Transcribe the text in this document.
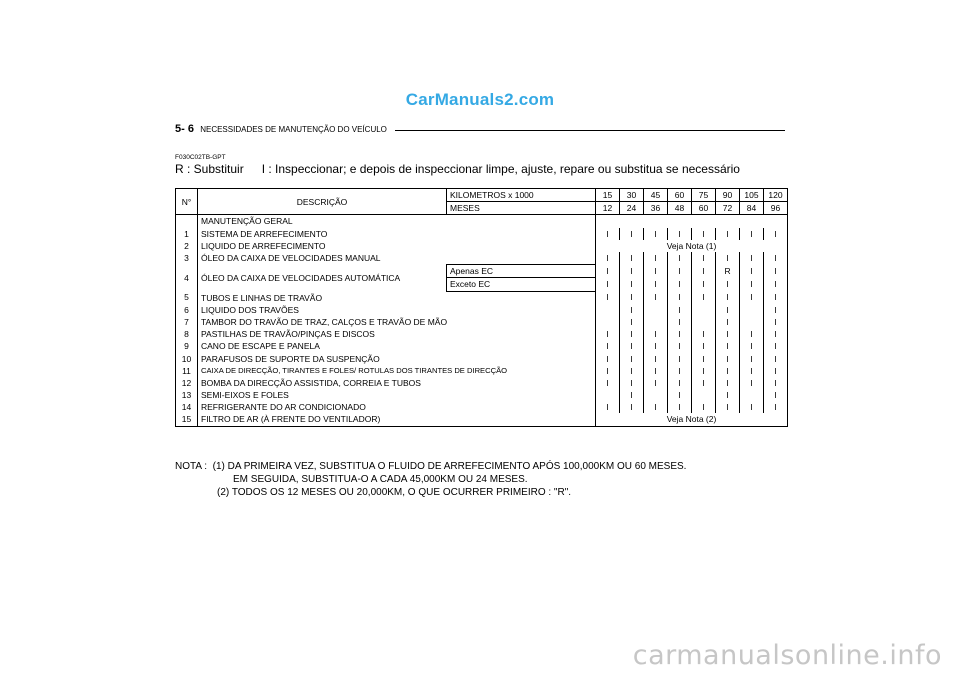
CarManuals2.com
5- 6 NECESSIDADES DE MANUTENÇÃO DO VEÍCULO
F030C02TB-GPT
R : Substituir I : Inspeccionar; e depois de inspeccionar limpe, ajuste, repare ou substitua se necessário
N°	DESCRIÇÃO	KILOMETROS x 1000	15	30	45	60	75	90	105	120
		MESES	12	24	36	48	60	72	84	96
	MANUTENÇÃO GERAL									
1	SISTEMA DE ARREFECIMENTO		I	I	I	I	I	I	I	I
2	LIQUIDO DE ARREFECIMENTO		Veja Nota (1)							
3	ÓLEO DA CAIXA DE VELOCIDADES MANUAL		I	I	I	I	I	I	I	I
4	ÓLEO DA CAIXA DE VELOCIDADES AUTOMÁTICA	Apenas EC	I	I	I	I	I	R	I	I
		Exceto EC	I	I	I	I	I	I	I	I
5	TUBOS E LINHAS DE TRAVÃO		I	I	I	I	I	I	I	I
6	LIQUIDO DOS TRAVÕES			I		I		I		I
7	TAMBOR DO TRAVÃO DE TRAZ, CALÇOS E TRAVÃO DE MÃO			I		I		I		I
8	PASTILHAS DE TRAVÃO/PINÇAS E DISCOS		I	I	I	I	I	I	I	I
9	CANO DE ESCAPE E PANELA		I	I	I	I	I	I	I	I
10	PARAFUSOS DE SUPORTE DA SUSPENÇÃO		I	I	I	I	I	I	I	I
11	CAIXA DE DIRECÇÃO, TIRANTES E FOLES/ ROTULAS DOS TIRANTES DE DIRECÇÃO		I	I	I	I	I	I	I	I
12	BOMBA DA DIRECÇÃO ASSISTIDA, CORREIA E TUBOS		I	I	I	I	I	I	I	I
13	SEMI-EIXOS E FOLES			I		I		I		I
14	REFRIGERANTE DO AR CONDICIONADO		I	I	I	I	I	I	I	I
15	FILTRO DE AR (À FRENTE DO VENTILADOR)		Veja Nota (2)							
NOTA : (1) DA PRIMEIRA VEZ, SUBSTITUA O FLUIDO DE ARREFECIMENTO APÓS 100,000KM OU 60 MESES.
EM SEGUIDA, SUBSTITUA-O A CADA 45,000KM OU 24 MESES.
(2) TODOS OS 12 MESES OU 20,000KM, O QUE OCURRER PRIMEIRO : "R".
carmanualsonline.info
